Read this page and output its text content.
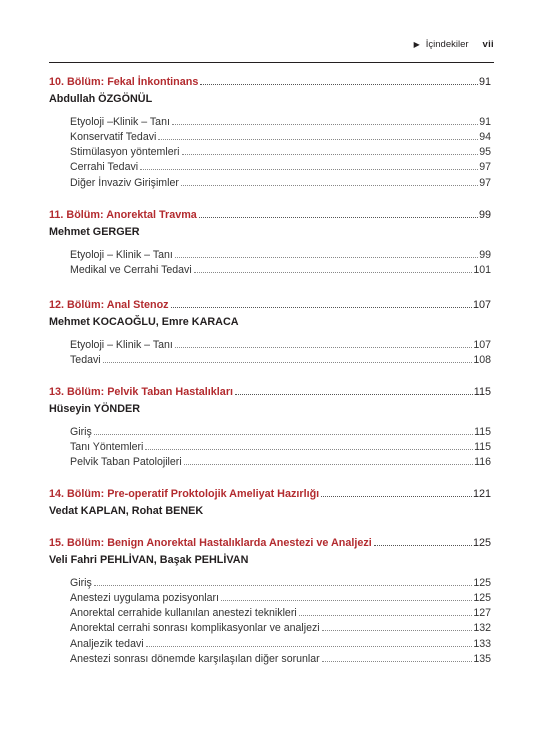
▶ İçindekiler vii
10. Bölüm: Fekal İnkontinans	91
Abdullah ÖZGÖNÜL
Etyoloji –Klinik – Tanı	91
Konservatif Tedavi	94
Stimülasyon yöntemleri	95
Cerrahi Tedavi	97
Diğer İnvaziv Girişimler	97
11. Bölüm: Anorektal Travma	99
Mehmet GERGER
Etyoloji – Klinik – Tanı	99
Medikal ve Cerrahi Tedavi	101
12. Bölüm: Anal Stenoz	107
Mehmet KOCAOĞLU, Emre KARACA
Etyoloji – Klinik – Tanı	107
Tedavi	108
13. Bölüm: Pelvik Taban Hastalıkları	115
Hüseyin YÖNDER
Giriş	115
Tanı Yöntemleri	115
Pelvik Taban Patolojileri	116
14. Bölüm: Pre-operatif Proktolojik Ameliyat Hazırlığı	121
Vedat KAPLAN, Rohat BENEK
15. Bölüm: Benign Anorektal Hastalıklarda Anestezi ve Analjezi	125
Veli Fahri PEHLİVAN, Başak PEHLİVAN
Giriş	125
Anestezi uygulama pozisyonları	125
Anorektal cerrahide kullanılan anestezi teknikleri	127
Anorektal cerrahi sonrası komplikasyonlar ve analjezi	132
Analjezik tedavi	133
Anestezi sonrası dönemde karşılaşılan diğer sorunlar	135
